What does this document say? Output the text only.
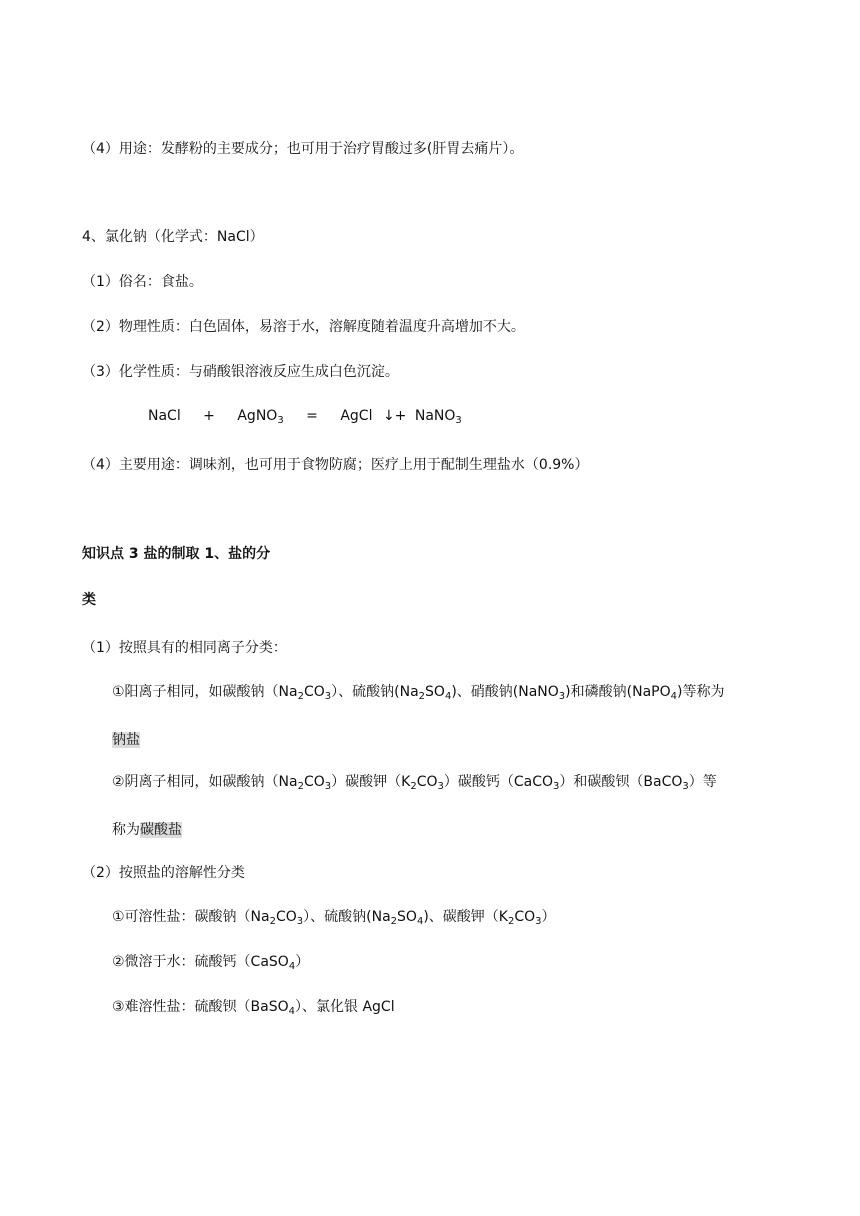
（4）用途：发酵粉的主要成分；也可用于治疗胃酸过多(肝胃去痛片）。
4、氯化钠（化学式：NaCl）
（1）俗名：食盐。
（2）物理性质：白色固体，易溶于水，溶解度随着温度升高增加不大。
（3）化学性质：与硝酸银溶液反应生成白色沉淀。
NaCl + AgNO$_3$ = AgCl ↓+ NaNO$_3$
（4）主要用途：调味剂，也可用于食物防腐；医疗上用于配制生理盐水（0.9%）
知识点 3 盐的制取 1、盐的分
类
（1）按照具有的相同离子分类：
①阳离子相同，如碳酸钠$(Na_2CO_3)$、硫酸钠$(Na_2SO_4)$、硝酸钠(NaNO$_3$)和磷酸钠(NaPO$_4$)等称为
钠盐
②阴离子相同，如碳酸钠$(Na_2CO_3)$碳酸钾$(K_2CO_3)$碳酸钙（CaCO$_3$）和碳酸钡（BaCO$_3$）等
称为碳酸盐
（2）按照盐的溶解性分类
①可溶性盐：碳酸钠$(Na_2CO_3)$、硫酸钠$(Na_2SO_4)$、碳酸钾$(K_2CO_3)$
②微溶于水：硫酸钙（CaSO$_4$）
③难溶性盐：硫酸钡（BaSO$_4$）、氯化银 AgCl
